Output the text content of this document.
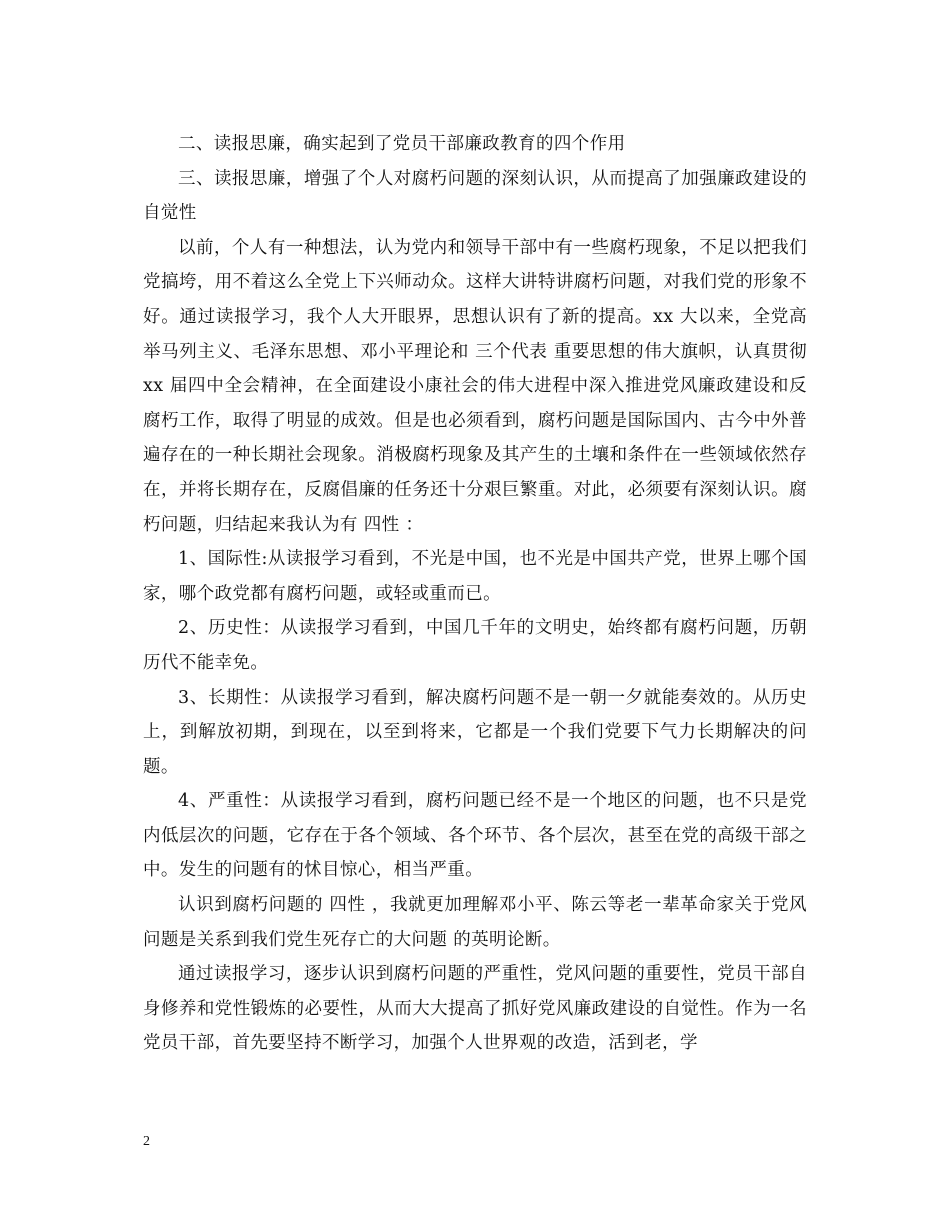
二、读报思廉，确实起到了党员干部廉政教育的四个作用

三、读报思廉，增强了个人对腐朽问题的深刻认识，从而提高了加强廉政建设的自觉性

以前，个人有一种想法，认为党内和领导干部中有一些腐朽现象，不足以把我们党搞垮，用不着这么全党上下兴师动众。这样大讲特讲腐朽问题，对我们党的形象不好。通过读报学习，我个人大开眼界，思想认识有了新的提高。xx 大以来，全党高举马列主义、毛泽东思想、邓小平理论和 三个代表 重要思想的伟大旗帜，认真贯彻 xx 届四中全会精神，在全面建设小康社会的伟大进程中深入推进党风廉政建设和反腐朽工作，取得了明显的成效。但是也必须看到，腐朽问题是国际国内、古今中外普遍存在的一种长期社会现象。消极腐朽现象及其产生的土壤和条件在一些领域依然存在，并将长期存在，反腐倡廉的任务还十分艰巨繁重。对此，必须要有深刻认识。腐朽问题，归结起来我认为有 四性 ：

1、国际性:从读报学习看到，不光是中国，也不光是中国共产党，世界上哪个国家，哪个政党都有腐朽问题，或轻或重而已。

2、历史性：从读报学习看到，中国几千年的文明史，始终都有腐朽问题，历朝历代不能幸免。

3、长期性：从读报学习看到，解决腐朽问题不是一朝一夕就能奏效的。从历史上，到解放初期，到现在，以至到将来，它都是一个我们党要下气力长期解决的问题。

4、严重性：从读报学习看到，腐朽问题已经不是一个地区的问题，也不只是党内低层次的问题，它存在于各个领域、各个环节、各个层次，甚至在党的高级干部之中。发生的问题有的怵目惊心，相当严重。

认识到腐朽问题的 四性 ，我就更加理解邓小平、陈云等老一辈革命家关于党风问题是关系到我们党生死存亡的大问题 的英明论断。

通过读报学习，逐步认识到腐朽问题的严重性，党风问题的重要性，党员干部自身修养和党性锻炼的必要性，从而大大提高了抓好党风廉政建设的自觉性。作为一名党员干部，首先要坚持不断学习，加强个人世界观的改造，活到老，学

2
